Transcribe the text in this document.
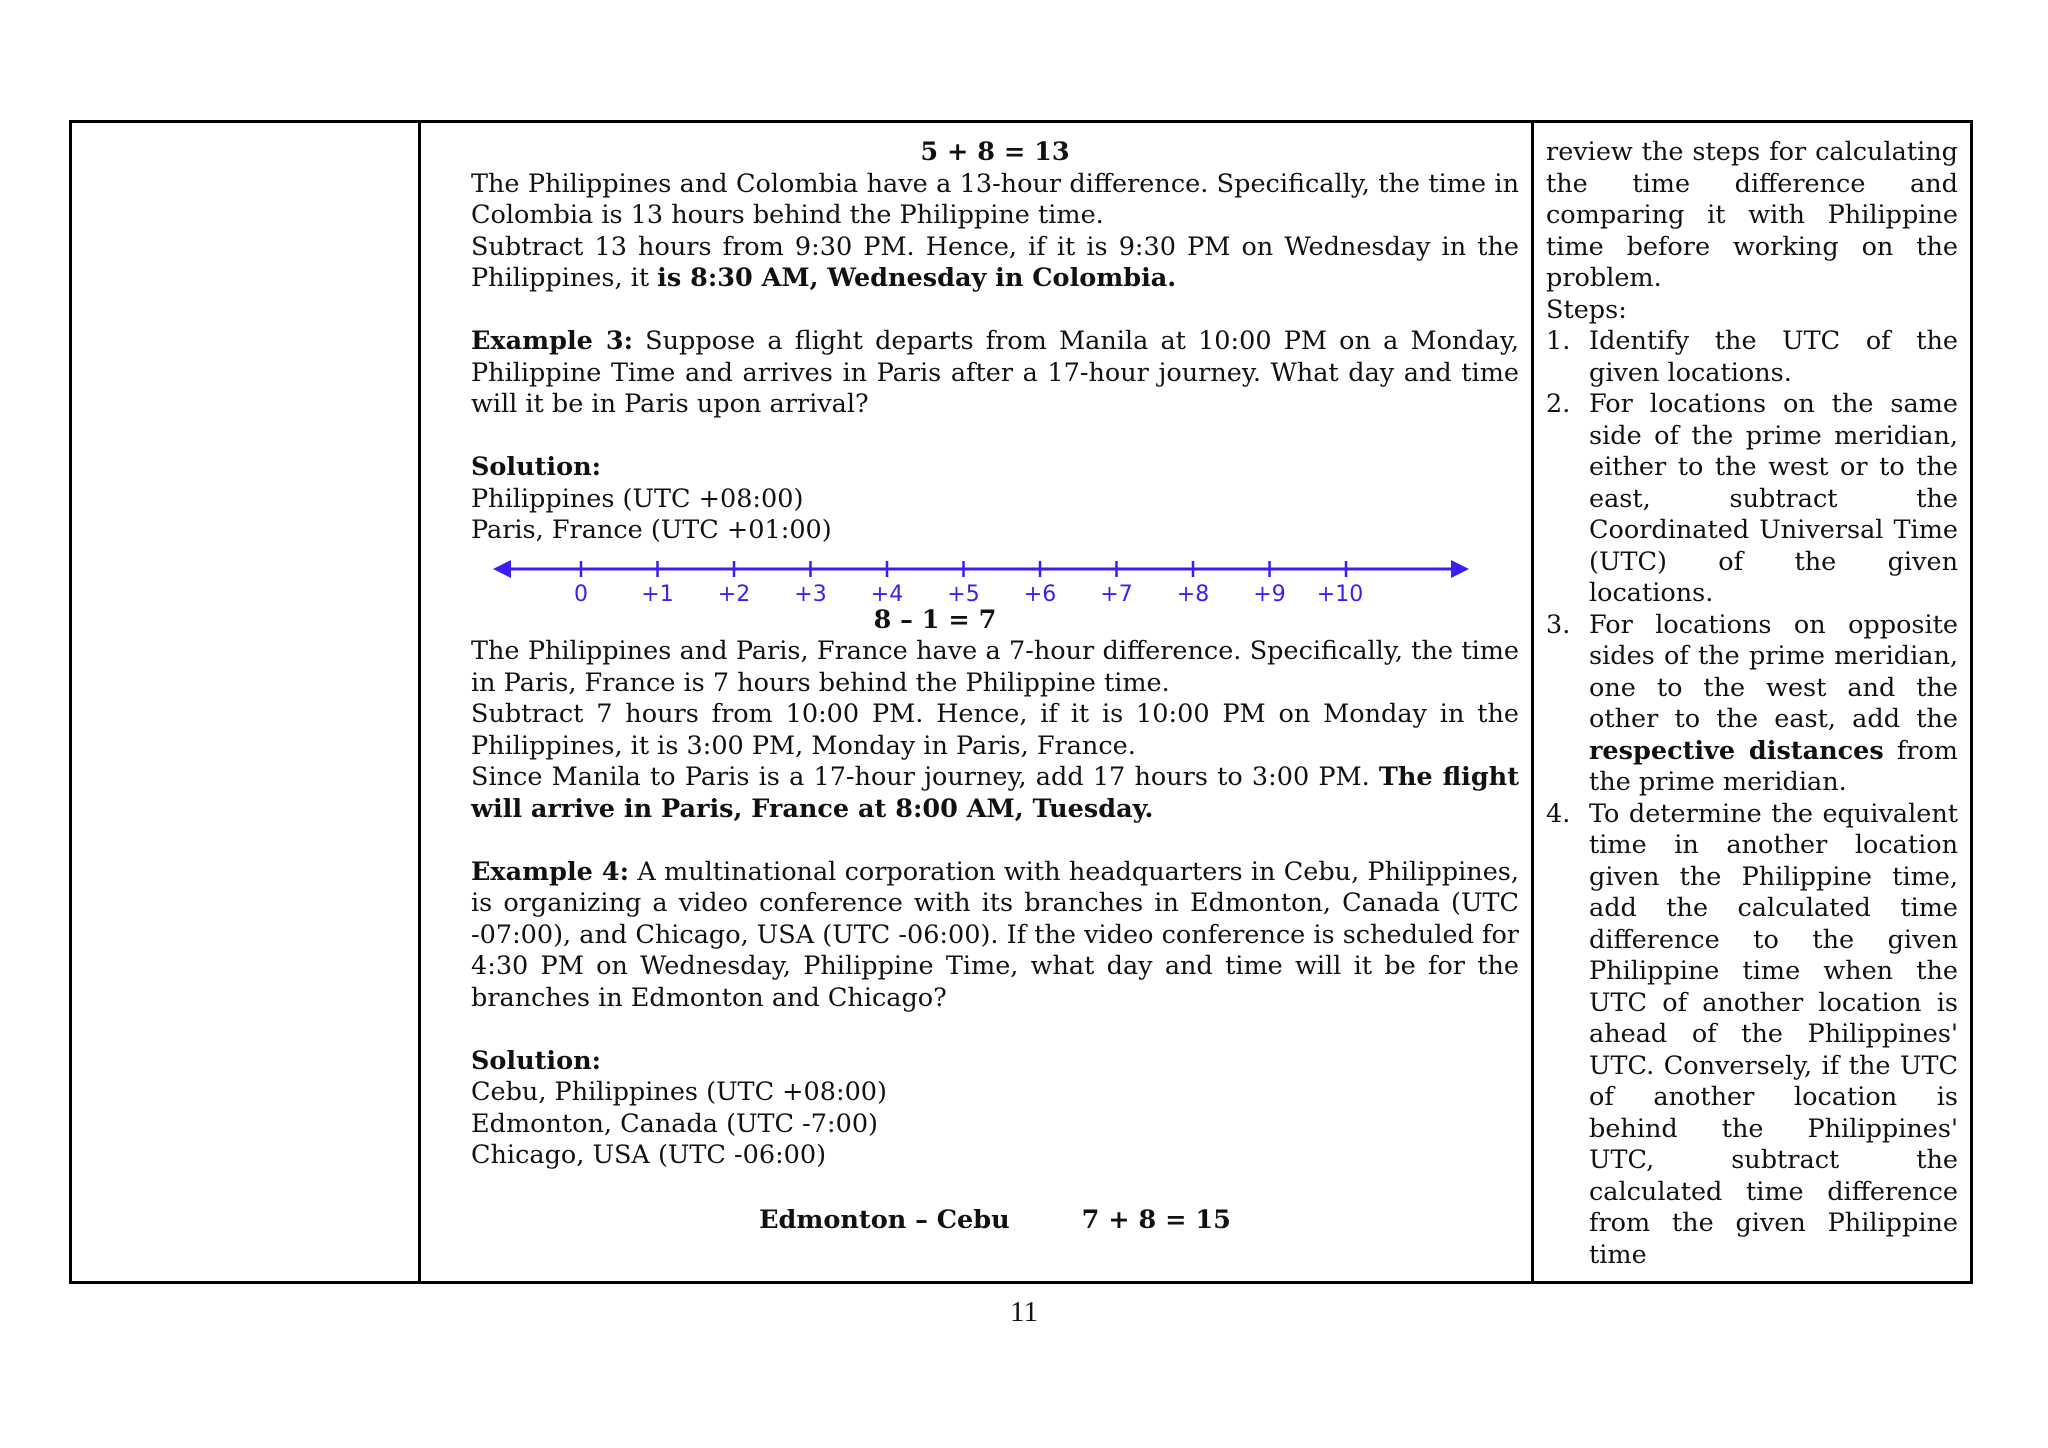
5 + 8 = 13

The Philippines and Colombia have a 13-hour difference. Specifically, the time in Colombia is 13 hours behind the Philippine time.

Subtract 13 hours from 9:30 PM. Hence, if it is 9:30 PM on Wednesday in the Philippines, it is 8:30 AM, Wednesday in Colombia.

Example 3: Suppose a flight departs from Manila at 10:00 PM on a Monday, Philippine Time and arrives in Paris after a 17-hour journey. What day and time will it be in Paris upon arrival?

Solution:

Philippines (UTC +08:00)

Paris, France (UTC +01:00)

0 +1 +2 +3 +4 +5 +6 +7 +8 +9 +10

8 – 1 = 7

The Philippines and Paris, France have a 7-hour difference. Specifically, the time in Paris, France is 7 hours behind the Philippine time.

Subtract 7 hours from 10:00 PM. Hence, if it is 10:00 PM on Monday in the Philippines, it is 3:00 PM, Monday in Paris, France.

Since Manila to Paris is a 17-hour journey, add 17 hours to 3:00 PM. The flight will arrive in Paris, France at 8:00 AM, Tuesday.

Example 4: A multinational corporation with headquarters in Cebu, Philippines, is organizing a video conference with its branches in Edmonton, Canada (UTC -07:00), and Chicago, USA (UTC -06:00). If the video conference is scheduled for 4:30 PM on Wednesday, Philippine Time, what day and time will it be for the branches in Edmonton and Chicago?

Solution:

Cebu, Philippines (UTC +08:00)

Edmonton, Canada (UTC -7:00)

Chicago, USA (UTC -06:00)

Edmonton – Cebu	7 + 8 = 15

review the steps for calculating the time difference and comparing it with Philippine time before working on the problem.

Steps:

1. Identify the UTC of the given locations.
2. For locations on the same side of the prime meridian, either to the west or to the east, subtract the Coordinated Universal Time (UTC) of the given locations.
3. For locations on opposite sides of the prime meridian, one to the west and the other to the east, add the respective distances from the prime meridian.
4. To determine the equivalent time in another location given the Philippine time, add the calculated time difference to the given Philippine time when the UTC of another location is ahead of the Philippines' UTC. Conversely, if the UTC of another location is behind the Philippines' UTC, subtract the calculated time difference from the given Philippine time
11
